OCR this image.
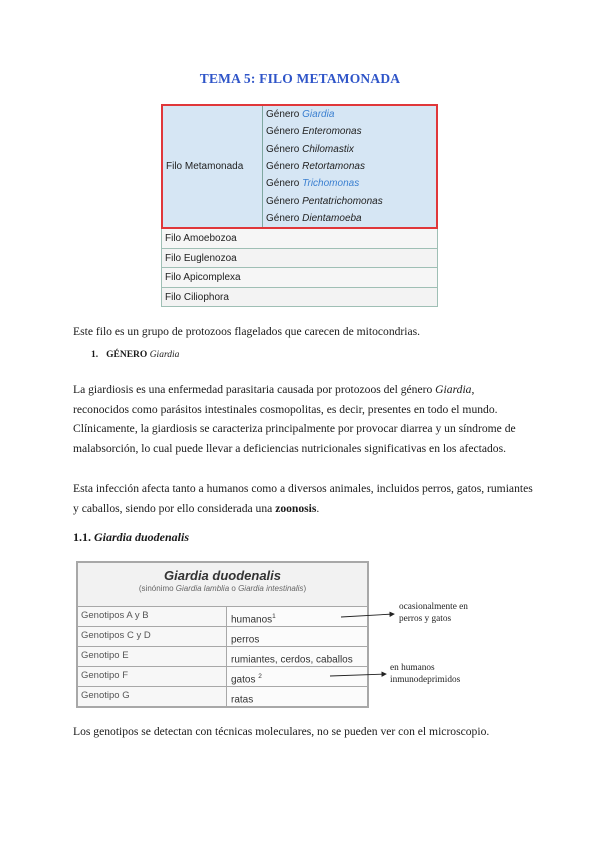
TEMA 5: FILO METAMONADA
Filo Metamonada
Género Giardia
Género Enteromonas
Género Chilomastix
Género Retortamonas
Género Trichomonas
Género Pentatrichomonas
Género Dientamoeba
Filo Amoebozoa
Filo Euglenozoa
Filo Apicomplexa
Filo Ciliophora

Este filo es un grupo de protozoos flagelados que carecen de mitocondrias.

1. GÉNERO Giardia

La giardiosis es una enfermedad parasitaria causada por protozoos del género Giardia, reconocidos como parásitos intestinales cosmopolitas, es decir, presentes en todo el mundo. Clínicamente, la giardiosis se caracteriza principalmente por provocar diarrea y un síndrome de malabsorción, lo cual puede llevar a deficiencias nutricionales significativas en los afectados.

Esta infección afecta tanto a humanos como a diversos animales, incluidos perros, gatos, rumiantes y caballos, siendo por ello considerada una zoonosis.

1.1. Giardia duodenalis
Giardia duodenalis
(sinónimo Giardia lamblia o Giardia intestinalis)
Genotipos A y B	humanos$^1$
Genotipos C y D	perros
Genotipo E	rumiantes, cerdos, caballos
Genotipo F	gatos $^2$
Genotipo G	ratas
ocasionalmente en
perros y gatos
en humanos
inmunodeprimidos

Los genotipos se detectan con técnicas moleculares, no se pueden ver con el microscopio.
